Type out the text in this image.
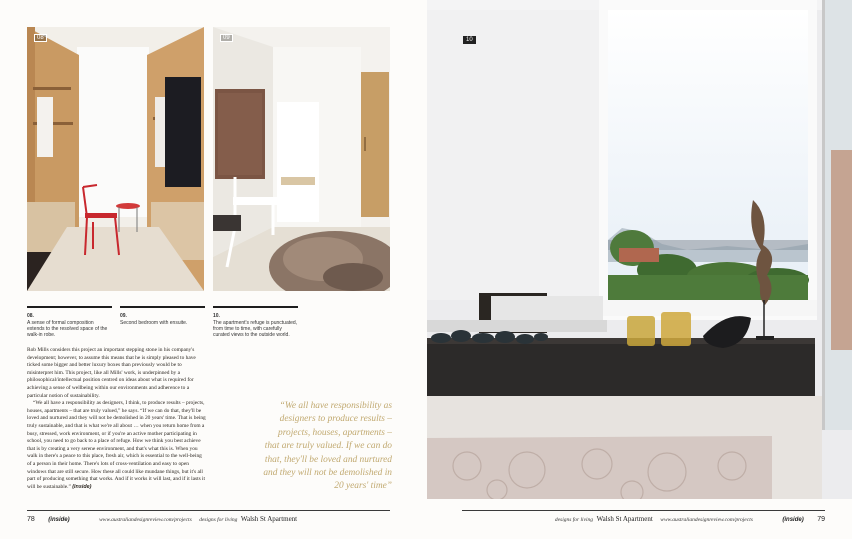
08	09
08.
A sense of formal composition extends to the resolved space of the walk-in robe.
09.
Second bedroom with ensuite.
10.
The apartment's refuge is punctuated, from time to time, with carefully curated views to the outside world.

Rob Mills considers this project an important stepping stone in his company's development; however, to assume this means that he is simply pleased to have ticked some bigger and better luxury boxes than previously would be to misinterpret him. This project, like all Mills' work, is underpinned by a philosophical/intellectual position centred on ideas about what is required for achieving a sense of wellbeing within our environments and adherence to a particular notion of sustainability.

“We all have a responsibility as designers, I think, to produce results – projects, houses, apartments – that are truly valued,” he says. “If we can do that, they'll be loved and nurtured and they will not be demolished in 20 years' time. That is being truly sustainable, and that is what we're all about … when you return home from a busy, stressed, work environment, or if you're an active mother participating in school, you need to go back to a place of refuge. How we think you best achieve that is by creating a very serene environment, and that's what this is. When you walk in there's a peace to this place, fresh air, which is essential to the well-being of a person in their home. There's lots of cross-ventilation and easy to open windows that are still secure. How these all could like mundane things, but it's all part of producing something that works. And if it works it will last, and if it lasts it will be sustainable.” (inside)

“We all have responsibility as designers to produce results – projects, houses, apartments – that are truly valued. If we can do that, they'll be loved and nurtured and they will not be demolished in 20 years' time”
78 (inside)	www.australiandesignreview.com/projects designs for living Walsh St Apartment	designs for living Walsh St Apartment www.australiandesignreview.com/projects	(inside) 79
10
